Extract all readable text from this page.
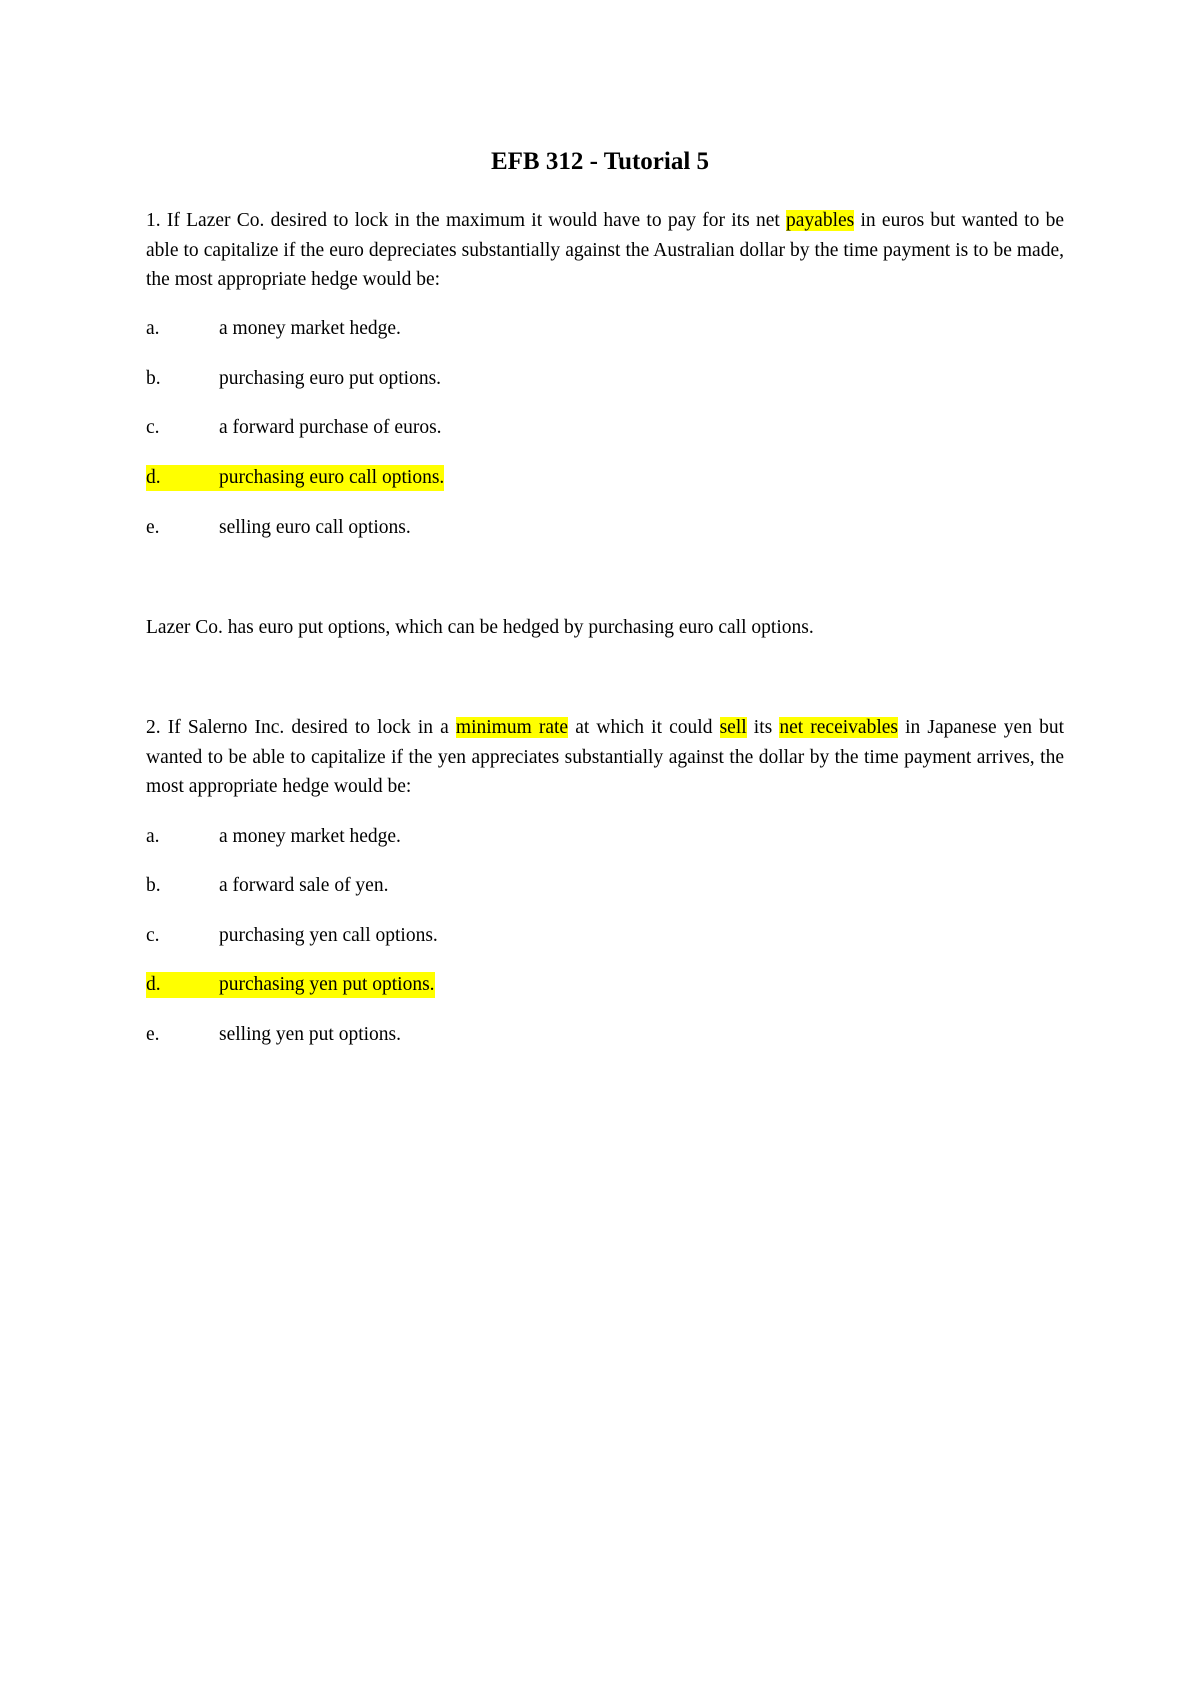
EFB 312 - Tutorial 5
1. If Lazer Co. desired to lock in the maximum it would have to pay for its net payables in euros but wanted to be able to capitalize if the euro depreciates substantially against the Australian dollar by the time payment is to be made, the most appropriate hedge would be:
a.	a money market hedge.
b.	purchasing euro put options.
c.	a forward purchase of euros.
d.	purchasing euro call options.
e.	selling euro call options.
Lazer Co. has euro put options, which can be hedged by purchasing euro call options.
2. If Salerno Inc. desired to lock in a minimum rate at which it could sell its net receivables in Japanese yen but wanted to be able to capitalize if the yen appreciates substantially against the dollar by the time payment arrives, the most appropriate hedge would be:
a.	a money market hedge.
b.	a forward sale of yen.
c.	purchasing yen call options.
d.	purchasing yen put options.
e.	selling yen put options.
